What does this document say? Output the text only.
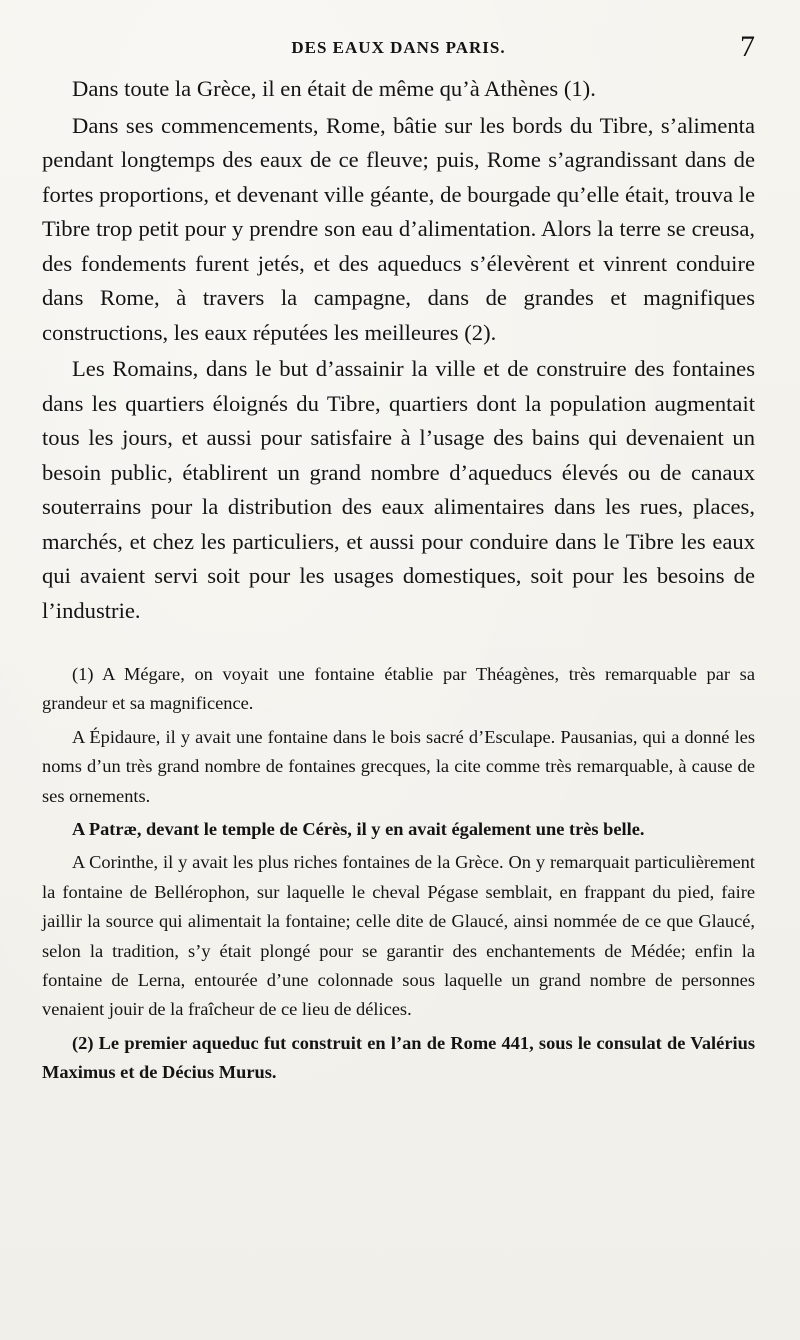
DES EAUX DANS PARIS.	7

Dans toute la Grèce, il en était de même qu’à Athènes (1).

Dans ses commencements, Rome, bâtie sur les bords du Tibre, s’alimenta pendant longtemps des eaux de ce fleuve; puis, Rome s’agrandissant dans de fortes proportions, et devenant ville géante, de bourgade qu’elle était, trouva le Tibre trop petit pour y prendre son eau d’alimentation. Alors la terre se creusa, des fondements furent jetés, et des aqueducs s’élevèrent et vinrent conduire dans Rome, à travers la campagne, dans de grandes et magnifiques constructions, les eaux réputées les meilleures (2).

Les Romains, dans le but d’assainir la ville et de construire des fontaines dans les quartiers éloignés du Tibre, quartiers dont la population augmentait tous les jours, et aussi pour satisfaire à l’usage des bains qui devenaient un besoin public, établirent un grand nombre d’aqueducs élevés ou de canaux souterrains pour la distribution des eaux alimentaires dans les rues, places, marchés, et chez les particuliers, et aussi pour conduire dans le Tibre les eaux qui avaient servi soit pour les usages domestiques, soit pour les besoins de l’industrie.

(1) A Mégare, on voyait une fontaine établie par Théagènes, très remarquable par sa grandeur et sa magnificence.

A Épidaure, il y avait une fontaine dans le bois sacré d’Esculape. Pausanias, qui a donné les noms d’un très grand nombre de fontaines grecques, la cite comme très remarquable, à cause de ses ornements.

A Patræ, devant le temple de Cérès, il y en avait également une très belle.

A Corinthe, il y avait les plus riches fontaines de la Grèce. On y remarquait particulièrement la fontaine de Bellérophon, sur laquelle le cheval Pégase semblait, en frappant du pied, faire jaillir la source qui alimentait la fontaine; celle dite de Glaucé, ainsi nommée de ce que Glaucé, selon la tradition, s’y était plongé pour se garantir des enchantements de Médée; enfin la fontaine de Lerna, entourée d’une colonnade sous laquelle un grand nombre de personnes venaient jouir de la fraîcheur de ce lieu de délices.

(2) Le premier aqueduc fut construit en l’an de Rome 441, sous le consulat de Valérius Maximus et de Décius Murus.
